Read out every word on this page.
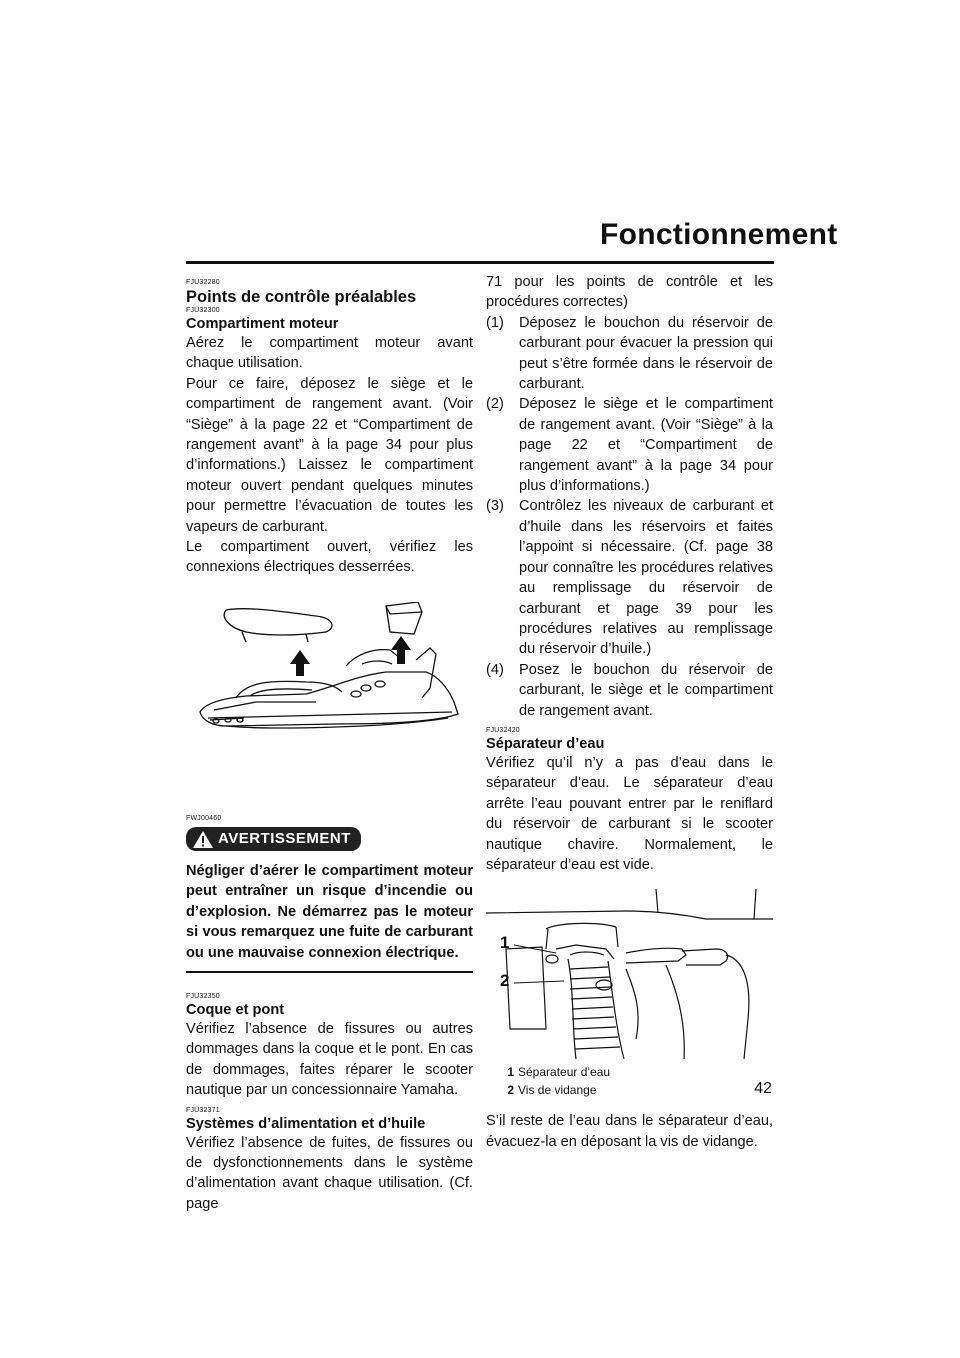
Fonctionnement

FJU32280

Points de contrôle préalables

FJU32300

Compartiment moteur

Aérez le compartiment moteur avant chaque utilisation.

Pour ce faire, déposez le siège et le compartiment de rangement avant. (Voir “Siège” à la page 22 et “Compartiment de rangement avant” à la page 34 pour plus d’informations.) Laissez le compartiment moteur ouvert pendant quelques minutes pour permettre l’évacuation de toutes les vapeurs de carburant.

Le compartiment ouvert, vérifiez les connexions électriques desserrées.

FWJ00460

AVERTISSEMENT

Négliger d’aérer le compartiment moteur peut entraîner un risque d’incendie ou d’explosion. Ne démarrez pas le moteur si vous remarquez une fuite de carburant ou une mauvaise connexion électrique.

FJU32350

Coque et pont

Vérifiez l’absence de fissures ou autres dommages dans la coque et le pont. En cas de dommages, faites réparer le scooter nautique par un concessionnaire Yamaha.

FJU32371

Systèmes d’alimentation et d’huile

Vérifiez l’absence de fuites, de fissures ou de dysfonctionnements dans le système d’alimentation avant chaque utilisation. (Cf. page

71 pour les points de contrôle et les procédures correctes)

(1)	Déposez le bouchon du réservoir de carburant pour évacuer la pression qui peut s’être formée dans le réservoir de carburant.
(2)	Déposez le siège et le compartiment de rangement avant. (Voir “Siège” à la page 22 et “Compartiment de rangement avant” à la page 34 pour plus d’informations.)
(3)	Contrôlez les niveaux de carburant et d’huile dans les réservoirs et faites l’appoint si nécessaire. (Cf. page 38 pour connaître les procédures relatives au remplissage du réservoir de carburant et page 39 pour les procédures relatives au remplissage du réservoir d’huile.)
(4)	Posez le bouchon du réservoir de carburant, le siège et le compartiment de rangement avant.

FJU32420

Séparateur d’eau

Vérifiez qu’il n’y a pas d’eau dans le séparateur d’eau. Le séparateur d’eau arrête l’eau pouvant entrer par le reniflard du réservoir de carburant si le scooter nautique chavire. Normalement, le séparateur d’eau est vide.

1
2
1 Séparateur d’eau
2 Vis de vidange

S’il reste de l’eau dans le séparateur d’eau, évacuez-la en déposant la vis de vidange.

42
